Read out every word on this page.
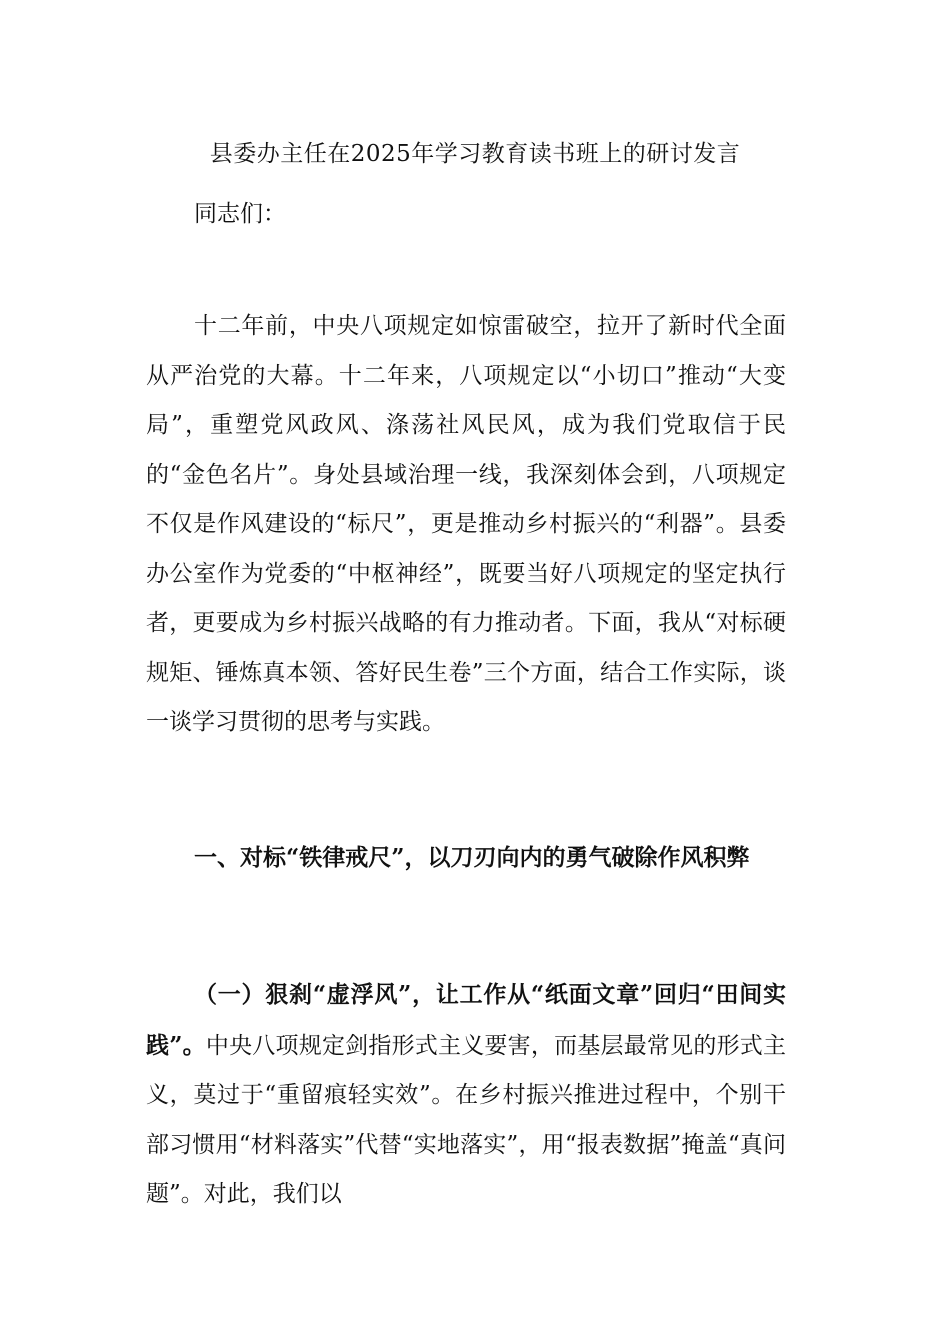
县委办主任在2025年学习教育读书班上的研讨发言

同志们：

十二年前，中央八项规定如惊雷破空，拉开了新时代全面从严治党的大幕。十二年来，八项规定以“小切口”推动“大变局”，重塑党风政风、涤荡社风民风，成为我们党取信于民的“金色名片”。身处县域治理一线，我深刻体会到，八项规定不仅是作风建设的“标尺”，更是推动乡村振兴的“利器”。县委办公室作为党委的“中枢神经”，既要当好八项规定的坚定执行者，更要成为乡村振兴战略的有力推动者。下面，我从“对标硬规矩、锤炼真本领、答好民生卷”三个方面，结合工作实际，谈一谈学习贯彻的思考与实践。

一、对标“铁律戒尺”，以刀刃向内的勇气破除作风积弊

（一）狠刹“虚浮风”，让工作从“纸面文章”回归“田间实践”。中央八项规定剑指形式主义要害，而基层最常见的形式主义，莫过于“重留痕轻实效”。在乡村振兴推进过程中，个别干部习惯用“材料落实”代替“实地落实”，用“报表数据”掩盖“真问题”。对此，我们以
